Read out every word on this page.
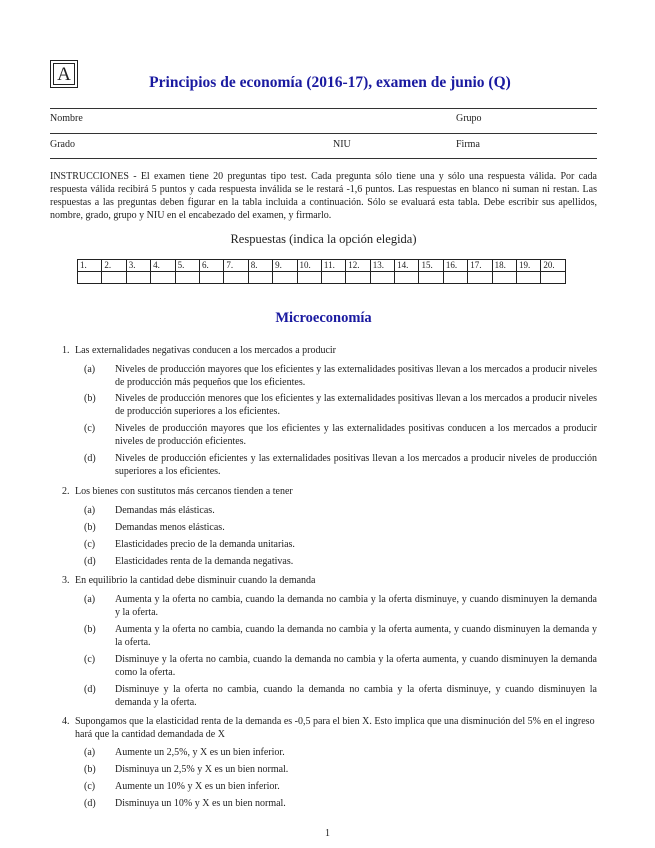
A	Principios de economía (2016-17), examen de junio (Q)
Nombre	Grupo
Grado	NIU	Firma
INSTRUCCIONES - El examen tiene 20 preguntas tipo test. Cada pregunta sólo tiene una y sólo una respuesta válida. Por cada respuesta válida recibirá 5 puntos y cada respuesta inválida se le restará -1,6 puntos. Las respuestas en blanco ni suman ni restan. Las respuestas a las preguntas deben figurar en la tabla incluida a continuación. Sólo se evaluará esta tabla. Debe escribir sus apellidos, nombre, grado, grupo y NIU en el encabezado del examen, y firmarlo.
Respuestas (indica la opción elegida)
1.	2.	3.	4.	5.	6.	7.	8.	9.	10.	11.	12.	13.	14.	15.	16.	17.	18.	19.	20.

Microeconomía
1. Las externalidades negativas conducen a los mercados a producir
(a) Niveles de producción mayores que los eficientes y las externalidades positivas llevan a los mercados a producir niveles de producción más pequeños que los eficientes.
(b) Niveles de producción menores que los eficientes y las externalidades positivas llevan a los mercados a producir niveles de producción superiores a los eficientes.
(c) Niveles de producción mayores que los eficientes y las externalidades positivas conducen a los mercados a producir niveles de producción eficientes.
(d) Niveles de producción eficientes y las externalidades positivas llevan a los mercados a producir niveles de producción superiores a los eficientes.
2. Los bienes con sustitutos más cercanos tienden a tener
(a) Demandas más elásticas.
(b) Demandas menos elásticas.
(c) Elasticidades precio de la demanda unitarias.
(d) Elasticidades renta de la demanda negativas.
3. En equilibrio la cantidad debe disminuir cuando la demanda
(a) Aumenta y la oferta no cambia, cuando la demanda no cambia y la oferta disminuye, y cuando disminuyen la demanda y la oferta.
(b) Aumenta y la oferta no cambia, cuando la demanda no cambia y la oferta aumenta, y cuando disminuyen la demanda y la oferta.
(c) Disminuye y la oferta no cambia, cuando la demanda no cambia y la oferta aumenta, y cuando disminuyen la demanda como la oferta.
(d) Disminuye y la oferta no cambia, cuando la demanda no cambia y la oferta disminuye, y cuando disminuyen la demanda y la oferta.
4. Supongamos que la elasticidad renta de la demanda es -0,5 para el bien X. Esto implica que una disminución del 5% en el ingreso hará que la cantidad demandada de X
(a) Aumente un 2,5%, y X es un bien inferior.
(b) Disminuya un 2,5% y X es un bien normal.
(c) Aumente un 10% y X es un bien inferior.
(d) Disminuya un 10% y X es un bien normal.
1
